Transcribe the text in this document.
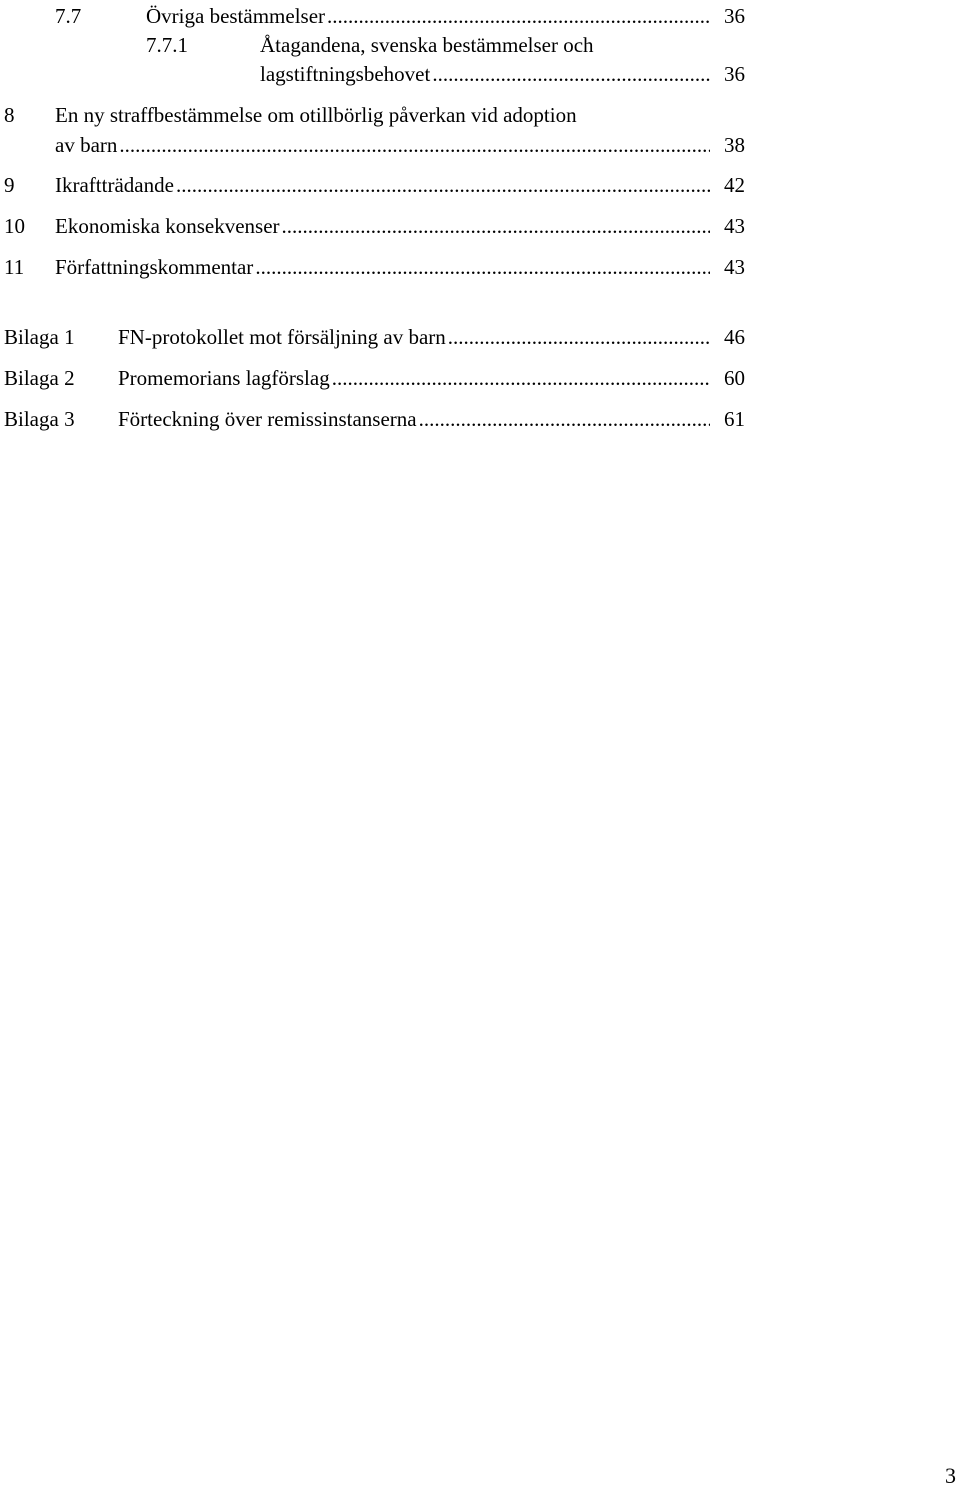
7.7	Övriga bestämmelser .....	36
7.7.1	Åtagandena, svenska bestämmelser och
lagstiftningsbehovet .....	36
8 En ny straffbestämmelse om otillbörlig påverkan vid adoption
av barn .....	38
9 Ikraftträdande .....	42
10 Ekonomiska konsekvenser .....	43
11 Författningskommentar .....	43
Bilaga 1 FN-protokollet mot försäljning av barn .....	46
Bilaga 2 Promemorians lagförslag .....	60
Bilaga 3 Förteckning över remissinstanserna .....	61
3
